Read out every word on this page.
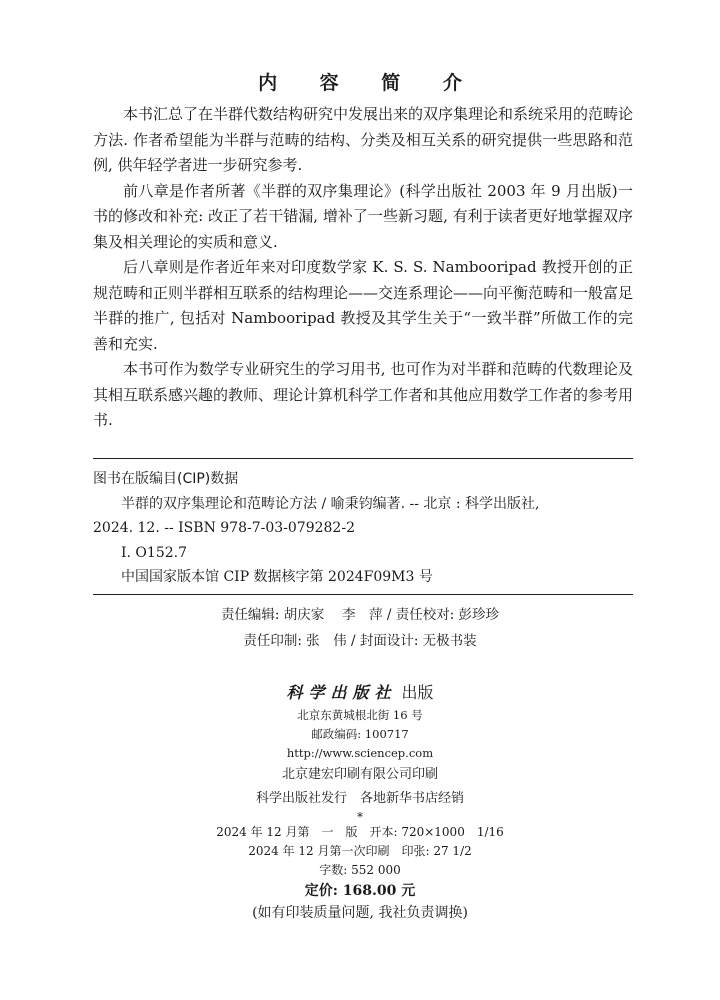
内 容 简 介

本书汇总了在半群代数结构研究中发展出来的双序集理论和系统采用的范畴论方法. 作者希望能为半群与范畴的结构、分类及相互关系的研究提供一些思路和范例, 供年轻学者进一步研究参考.

前八章是作者所著《半群的双序集理论》(科学出版社 2003 年 9 月出版)一书的修改和补充: 改正了若干错漏, 增补了一些新习题, 有利于读者更好地掌握双序集及相关理论的实质和意义.

后八章则是作者近年来对印度数学家 K. S. S. Nambooripad 教授开创的正规范畴和正则半群相互联系的结构理论——交连系理论——向平衡范畴和一般富足半群的推广, 包括对 Nambooripad 教授及其学生关于“一致半群”所做工作的完善和充实.

本书可作为数学专业研究生的学习用书, 也可作为对半群和范畴的代数理论及其相互联系感兴趣的教师、理论计算机科学工作者和其他应用数学工作者的参考用书.

图书在版编目(CIP)数据
半群的双序集理论和范畴论方法 / 喻秉钧编著. -- 北京 : 科学出版社,
2024. 12. -- ISBN 978-7-03-079282-2
Ⅰ. O152.7
中国国家版本馆 CIP 数据核字第 2024F09M3 号
责任编辑: 胡庆家　 李　萍 / 责任校对: 彭珍珍
责任印制: 张　伟 / 封面设计: 无极书装
科学出版社 出版
北京东黄城根北街 16 号
邮政编码: 100717
http://www.sciencep.com
北京建宏印刷有限公司印刷
科学出版社发行　各地新华书店经销
*
2024 年 12 月第　一　版　开本: 720×1000　1/16
2024 年 12 月第一次印刷　印张: 27 1/2
字数: 552 000
定价: 168.00 元
(如有印装质量问题, 我社负责调换)
